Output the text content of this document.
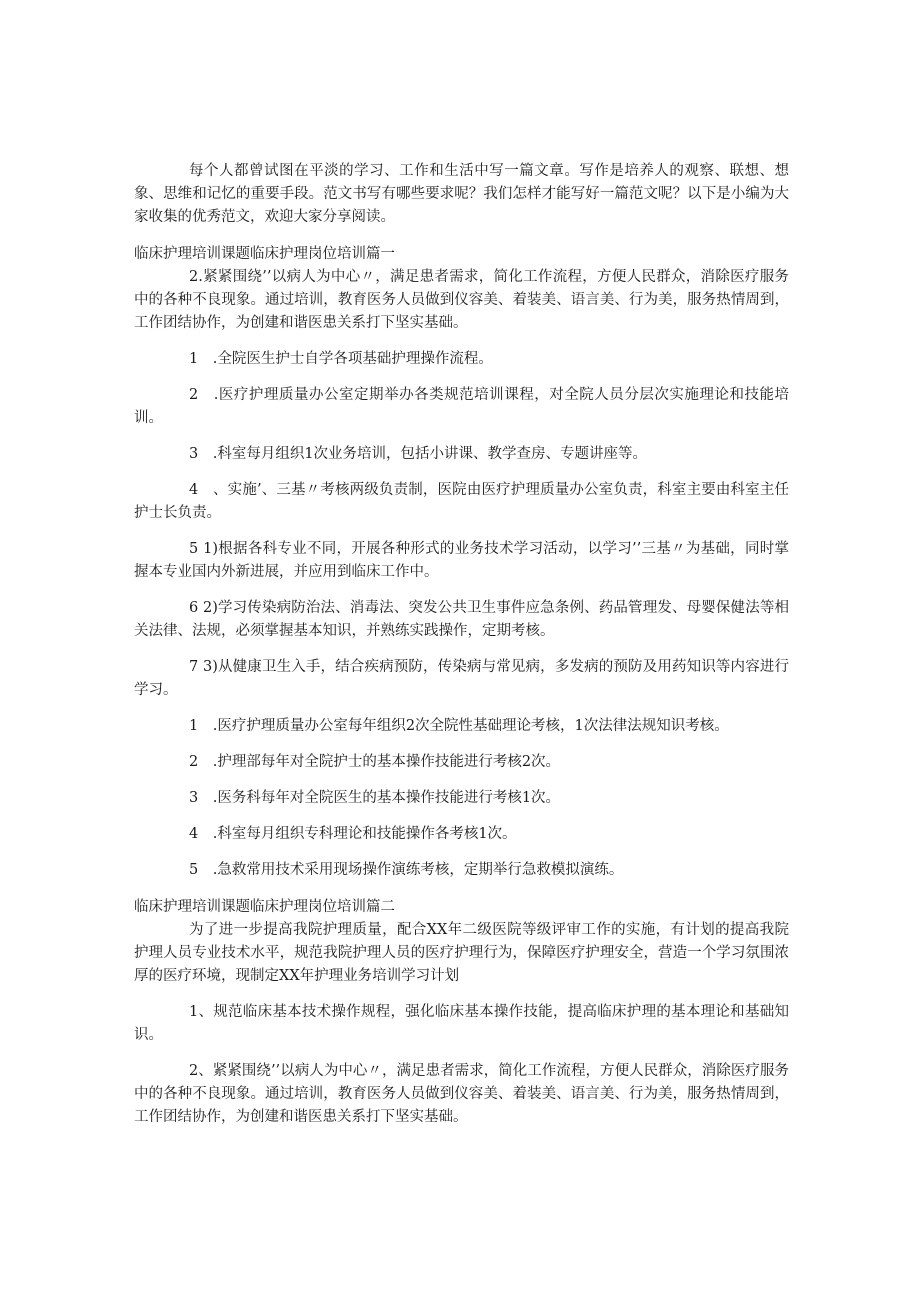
每个人都曾试图在平淡的学习、工作和生活中写一篇文章。写作是培养人的观察、联想、想象、思维和记忆的重要手段。范文书写有哪些要求呢？我们怎样才能写好一篇范文呢？以下是小编为大家收集的优秀范文，欢迎大家分享阅读。

临床护理培训课题临床护理岗位培训篇一

2.紧紧围绕’’以病人为中心〃，满足患者需求，简化工作流程，方便人民群众，消除医疗服务中的各种不良现象。通过培训，教育医务人员做到仪容美、着装美、语言美、行为美，服务热情周到，工作团结协作，为创建和谐医患关系打下坚实基础。

1　.全院医生护士自学各项基础护理操作流程。

2　.医疗护理质量办公室定期举办各类规范培训课程，对全院人员分层次实施理论和技能培训。

3　.科室每月组织1次业务培训，包括小讲课、教学查房、专题讲座等。

4　、实施’、三基〃考核两级负责制，医院由医疗护理质量办公室负责，科室主要由科室主任护士长负责。

5 1)根据各科专业不同，开展各种形式的业务技术学习活动，以学习’’三基〃为基础，同时掌握本专业国内外新进展，并应用到临床工作中。

6 2)学习传染病防治法、消毒法、突发公共卫生事件应急条例、药品管理发、母婴保健法等相关法律、法规，必须掌握基本知识，并熟练实践操作，定期考核。

7 3)从健康卫生入手，结合疾病预防，传染病与常见病，多发病的预防及用药知识等内容进行学习。

1　.医疗护理质量办公室每年组织2次全院性基础理论考核，1次法律法规知识考核。

2　.护理部每年对全院护士的基本操作技能进行考核2次。

3　.医务科每年对全院医生的基本操作技能进行考核1次。

4　.科室每月组织专科理论和技能操作各考核1次。

5　.急救常用技术采用现场操作演练考核，定期举行急救模拟演练。

临床护理培训课题临床护理岗位培训篇二

为了进一步提高我院护理质量，配合XX年二级医院等级评审工作的实施，有计划的提高我院护理人员专业技术水平，规范我院护理人员的医疗护理行为，保障医疗护理安全，营造一个学习氛围浓厚的医疗环境，现制定XX年护理业务培训学习计划

1、规范临床基本技术操作规程，强化临床基本操作技能，提高临床护理的基本理论和基础知识。

2、紧紧围绕’’以病人为中心〃，满足患者需求，简化工作流程，方便人民群众，消除医疗服务中的各种不良现象。通过培训，教育医务人员做到仪容美、着装美、语言美、行为美，服务热情周到，工作团结协作，为创建和谐医患关系打下坚实基础。
